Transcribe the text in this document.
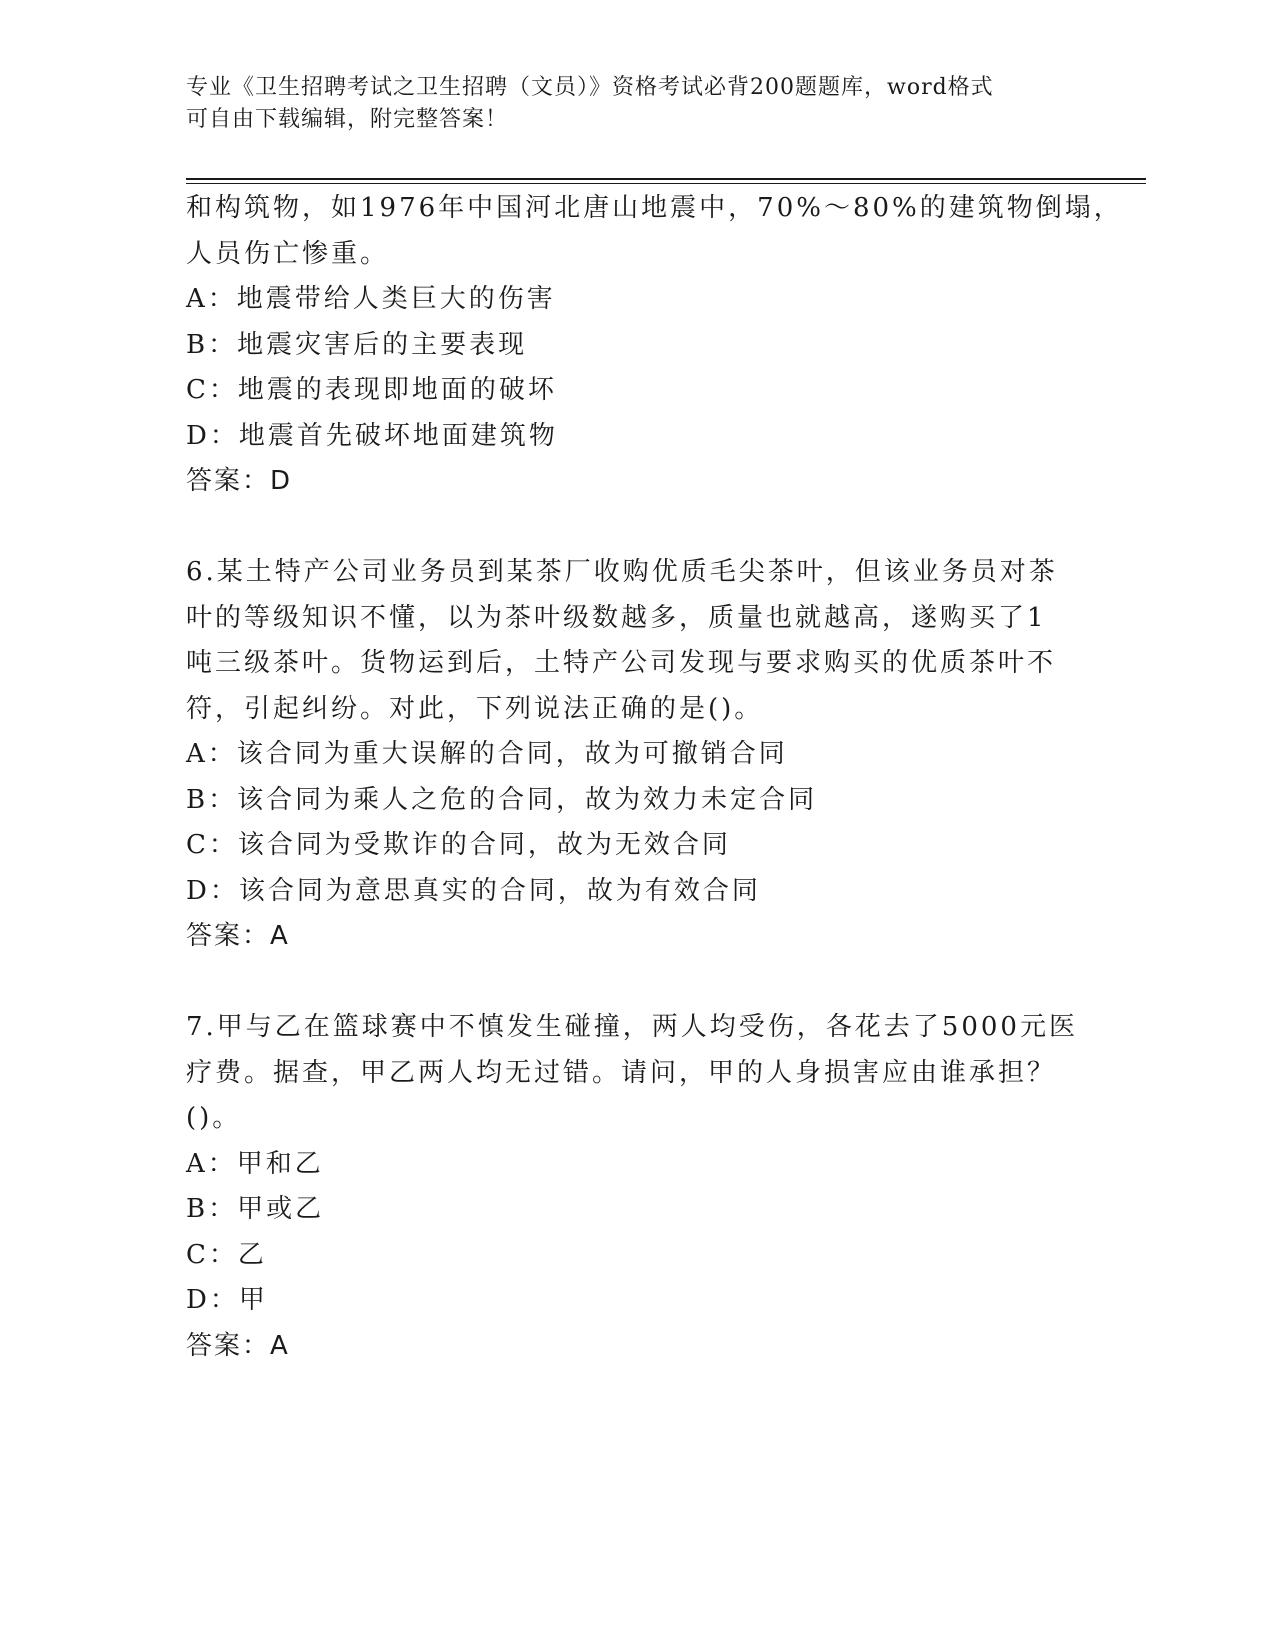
专业《卫生招聘考试之卫生招聘（文员）》资格考试必背200题题库，word格式
可自由下载编辑，附完整答案！
和构筑物，如1976年中国河北唐山地震中，70%～80%的建筑物倒塌，
人员伤亡惨重。
A：地震带给人类巨大的伤害
B：地震灾害后的主要表现
C：地震的表现即地面的破坏
D：地震首先破坏地面建筑物
答案：D
6.某土特产公司业务员到某茶厂收购优质毛尖茶叶，但该业务员对茶
叶的等级知识不懂，以为茶叶级数越多，质量也就越高，遂购买了1
吨三级茶叶。货物运到后，土特产公司发现与要求购买的优质茶叶不
符，引起纠纷。对此，下列说法正确的是()。
A：该合同为重大误解的合同，故为可撤销合同
B：该合同为乘人之危的合同，故为效力未定合同
C：该合同为受欺诈的合同，故为无效合同
D：该合同为意思真实的合同，故为有效合同
答案：A
7.甲与乙在篮球赛中不慎发生碰撞，两人均受伤，各花去了5000元医
疗费。据查，甲乙两人均无过错。请问，甲的人身损害应由谁承担？
()。
A：甲和乙
B：甲或乙
C：乙
D：甲
答案：A
